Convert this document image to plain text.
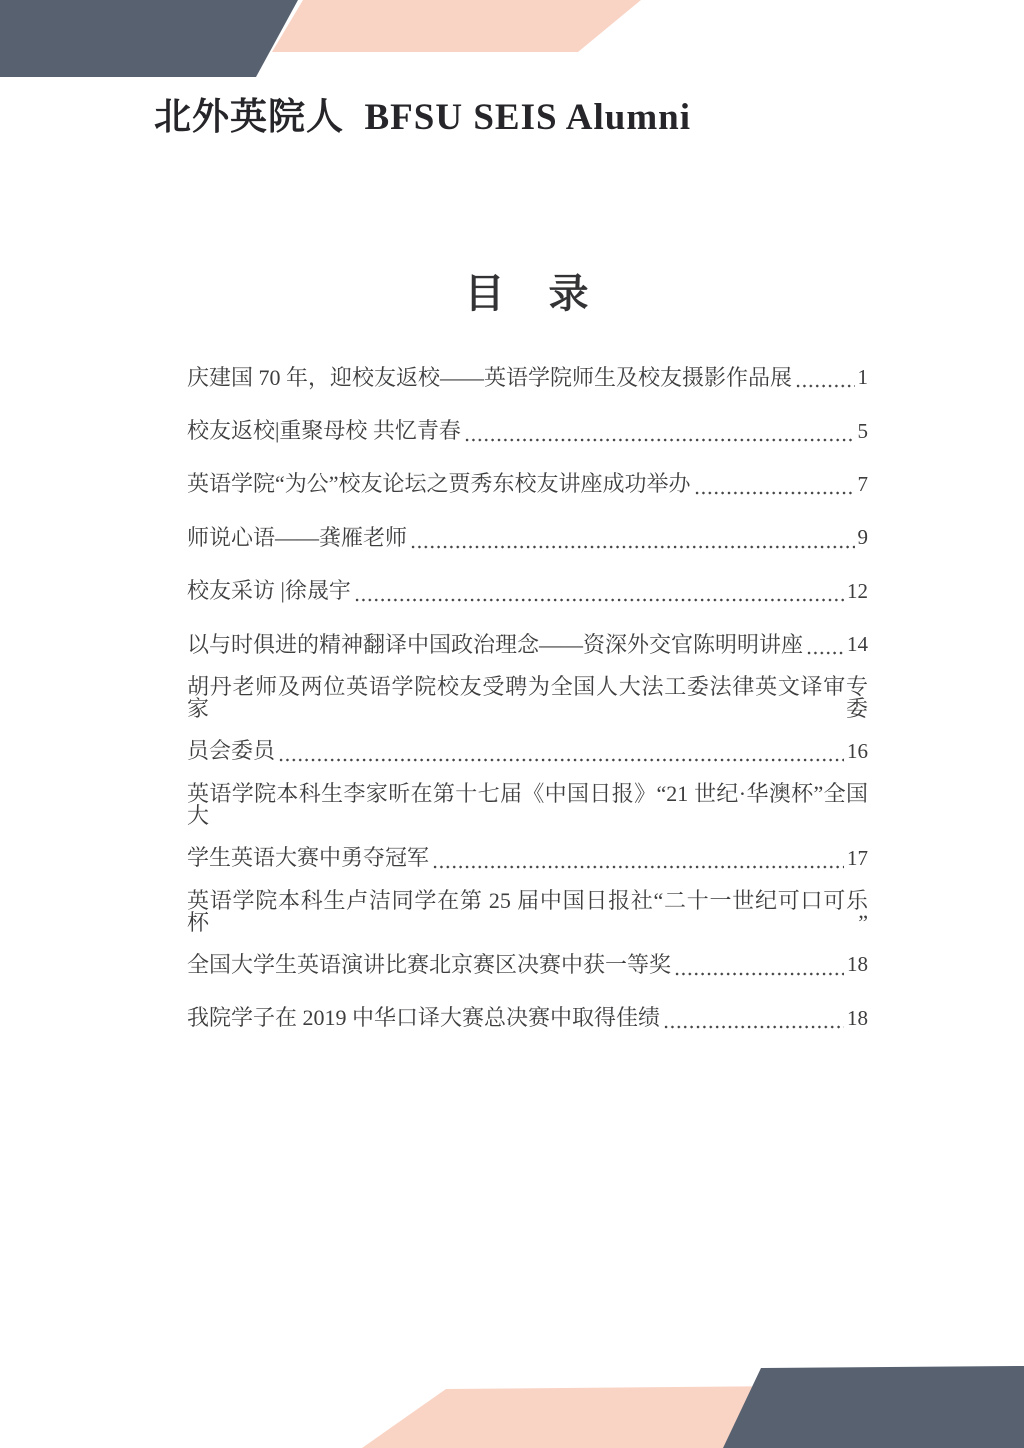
北外英院人  BFSU SEIS Alumni
目　录
庆建国 70 年，迎校友返校——英语学院师生及校友摄影作品展	1
校友返校|重聚母校 共忆青春	5
英语学院“为公”校友论坛之贾秀东校友讲座成功举办	7
师说心语——龚雁老师	9
校友采访 |徐晟宇	12
以与时俱进的精神翻译中国政治理念——资深外交官陈明明讲座 14
胡丹老师及两位英语学院校友受聘为全国人大法工委法律英文译审专家委
员会委员	16
英语学院本科生李家昕在第十七届《中国日报》“21 世纪·华澳杯”全国大
学生英语大赛中勇夺冠军	17
英语学院本科生卢洁同学在第 25 届中国日报社“二十一世纪可口可乐杯”
全国大学生英语演讲比赛北京赛区决赛中获一等奖	18
我院学子在 2019 中华口译大赛总决赛中取得佳绩	18
